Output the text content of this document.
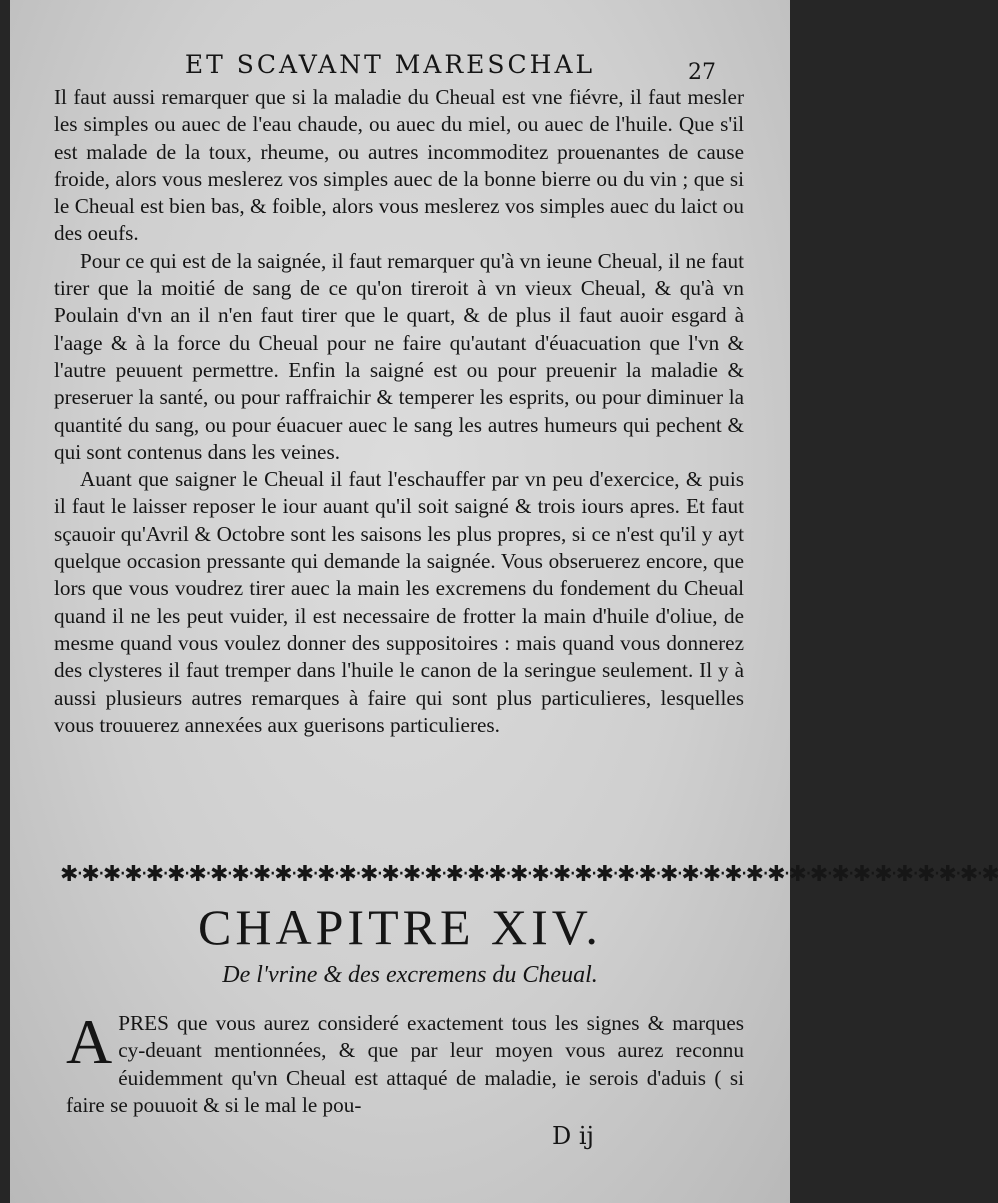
ET SCAVANT MARESCHAL	27

Il faut aussi remarquer que si la maladie du Cheual est vne fiévre, il faut mesler les simples ou auec de l'eau chaude, ou auec du miel, ou auec de l'huile. Que s'il est malade de la toux, rheume, ou autres incommoditez prouenantes de cause froide, alors vous meslerez vos simples auec de la bonne bierre ou du vin ; que si le Cheual est bien bas, & foible, alors vous meslerez vos simples auec du laict ou des oeufs.

Pour ce qui est de la saignée, il faut remarquer qu'à vn ieune Cheual, il ne faut tirer que la moitié de sang de ce qu'on tireroit à vn vieux Cheual, & qu'à vn Poulain d'vn an il n'en faut tirer que le quart, & de plus il faut auoir esgard à l'aage & à la force du Cheual pour ne faire qu'autant d'éuacuation que l'vn & l'autre peuuent permettre. Enfin la saigné est ou pour preuenir la maladie & preseruer la santé, ou pour raffraichir & temperer les esprits, ou pour diminuer la quantité du sang, ou pour éuacuer auec le sang les autres humeurs qui pechent & qui sont contenus dans les veines.

Auant que saigner le Cheual il faut l'eschauffer par vn peu d'exercice, & puis il faut le laisser reposer le iour auant qu'il soit saigné & trois iours apres. Et faut sçauoir qu'Avril & Octobre sont les saisons les plus propres, si ce n'est qu'il y ayt quelque occasion pressante qui demande la saignée. Vous obseruerez encore, que lors que vous voudrez tirer auec la main les excremens du fondement du Cheual quand il ne les peut vuider, il est necessaire de frotter la main d'huile d'oliue, de mesme quand vous voulez donner des suppositoires : mais quand vous donnerez des clysteres il faut tremper dans l'huile le canon de la seringue seulement. Il y à aussi plusieurs autres remarques à faire qui sont plus particulieres, lesquelles vous trouuerez annexées aux guerisons particulieres.

✱·✱·✱·✱·✱·✱·✱·✱·✱·✱·✱·✱·✱·✱·✱·✱·✱·✱·✱·✱·✱·✱·✱·✱·✱·✱·✱·✱·✱·✱·✱·✱·✱·✱·✱·✱·✱·✱·✱·✱·✱·✱·✱·✱
CHAPITRE XIV.
De l'vrine & des excremens du Cheual.
A PRES que vous aurez consideré exactement tous les signes & marques cy-deuant mentionnées, & que par leur moyen vous aurez reconnu éuidemment qu'vn Cheual est attaqué de maladie, ie serois d'aduis ( si faire se pouuoit & si le mal le pou-
D ij
